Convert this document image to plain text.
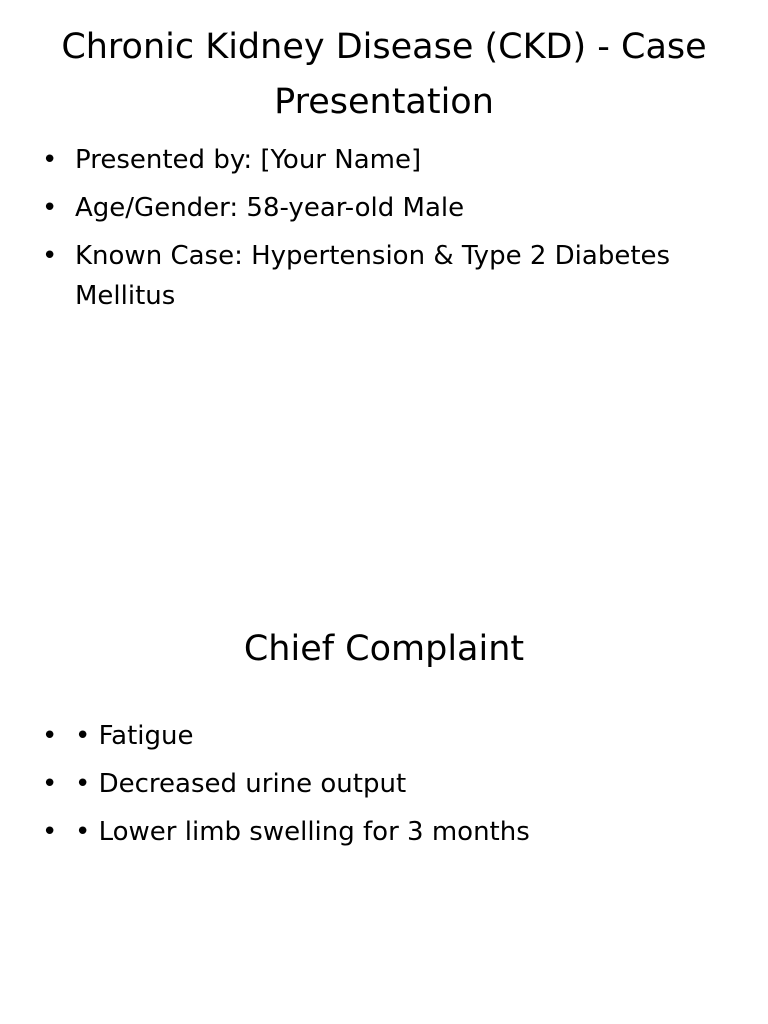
Chronic Kidney Disease (CKD) - Case Presentation
• Presented by: [Your Name]
• Age/Gender: 58-year-old Male
• Known Case: Hypertension & Type 2 Diabetes Mellitus
Chief Complaint
• • Fatigue
• • Decreased urine output
• • Lower limb swelling for 3 months
